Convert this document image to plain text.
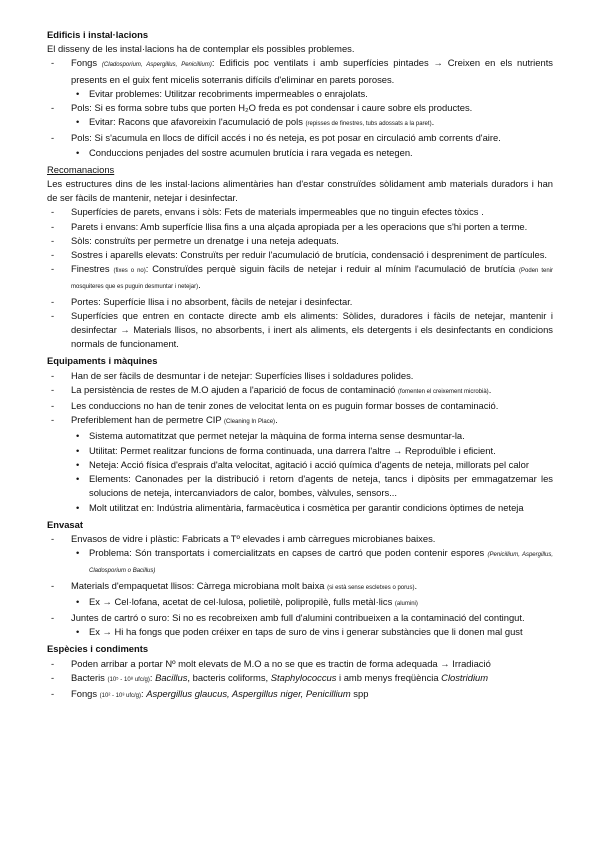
Edificis i instal·lacions
El disseny de les instal·lacions ha de contemplar els possibles problemes.
- Fongs (Cladosporium, Aspergillus, Penicillium): Edificis poc ventilats i amb superfícies pintades → Creixen en els nutrients presents en el guix fent micelis soterranis difícils d'eliminar en parets poroses.
• Evitar problemes: Utilitzar recobriments impermeables o enrajolats.
- Pols: Si es forma sobre tubs que porten H₂O freda es pot condensar i caure sobre els productes.
• Evitar: Racons que afavoreixin l'acumulació de pols (repisses de finestres, tubs adossats a la paret).
- Pols: Si s'acumula en llocs de difícil accés i no és neteja, es pot posar en circulació amb corrents d'aire.
• Conduccions penjades del sostre acumulen brutícia i rara vegada es netegen.
Recomanacions
Les estructures dins de les instal·lacions alimentàries han d'estar construïdes sòlidament amb materials duradors i han de ser fàcils de mantenir, netejar i desinfectar.
- Superfícies de parets, envans i sòls: Fets de materials impermeables que no tinguin efectes tòxics .
- Parets i envans: Amb superfície llisa fins a una alçada apropiada per a les operacions que s'hi porten a terme.
- Sòls: construïts per permetre un drenatge i una neteja adequats.
- Sostres i aparells elevats: Construïts per reduir l'acumulació de brutícia, condensació i despreniment de partícules.
- Finestres (fixes o no): Construïdes perquè siguin fàcils de netejar i reduir al mínim l'acumulació de brutícia (Poden tenir mosquiteres que es puguin desmuntar i netejar).
- Portes: Superfície llisa i no absorbent, fàcils de netejar i desinfectar.
- Superfícies que entren en contacte directe amb els aliments: Sòlides, duradores i fàcils de netejar, mantenir i desinfectar → Materials llisos, no absorbents, i inert als aliments, els detergents i els desinfectants en condicions normals de funcionament.
Equipaments i màquines
- Han de ser fàcils de desmuntar i de netejar: Superfícies llises i soldadures polides.
- La persistència de restes de M.O ajuden a l'aparició de focus de contaminació (fomenten el creixement microbià).
- Les conduccions no han de tenir zones de velocitat lenta on es puguin formar bosses de contaminació.
- Preferiblement han de permetre CIP (Cleaning In Place).
• Sistema automatitzat que permet netejar la màquina de forma interna sense desmuntar-la.
• Utilitat: Permet realitzar funcions de forma continuada, una darrera l'altre → Reproduïble i eficient.
• Neteja: Acció física d'esprais d'alta velocitat, agitació i acció química d'agents de neteja, millorats pel calor
• Elements: Canonades per la distribució i retorn d'agents de neteja, tancs i dipòsits per emmagatzemar les solucions de neteja, intercanviadors de calor, bombes, vàlvules, sensors...
• Molt utilitzat en: Indústria alimentària, farmacèutica i cosmètica per garantir condicions òptimes de neteja
Envasat
- Envasos de vidre i plàstic: Fabricats a Tº elevades i amb càrregues microbianes baixes.
• Problema: Són transportats i comercialitzats en capses de cartró que poden contenir espores (Penicillium, Aspergillus, Cladosporium o Bacillus)
- Materials d'empaquetat llisos: Càrrega microbiana molt baixa (si està sense escletxes o porus).
• Ex → Cel·lofana, acetat de cel·lulosa, polietilè, polipropilè, fulls metàl·lics (alumini)
- Juntes de cartró o suro: Si no es recobreixen amb full d'alumini contribueixen a la contaminació del contingut.
• Ex → Hi ha fongs que poden créixer en taps de suro de vins i generar substàncies que li donen mal gust
Espècies i condiments
- Poden arribar a portar Nº molt elevats de M.O a no se que es tractin de forma adequada → Irradiació
- Bacteris (10⁵ - 10⁸ ufc/g): Bacillus, bacteris coliforms, Staphylococcus i amb menys freqüència Clostridium
- Fongs (10² - 10³ ufc/g): Aspergillus glaucus, Aspergillus niger, Penicillium spp
